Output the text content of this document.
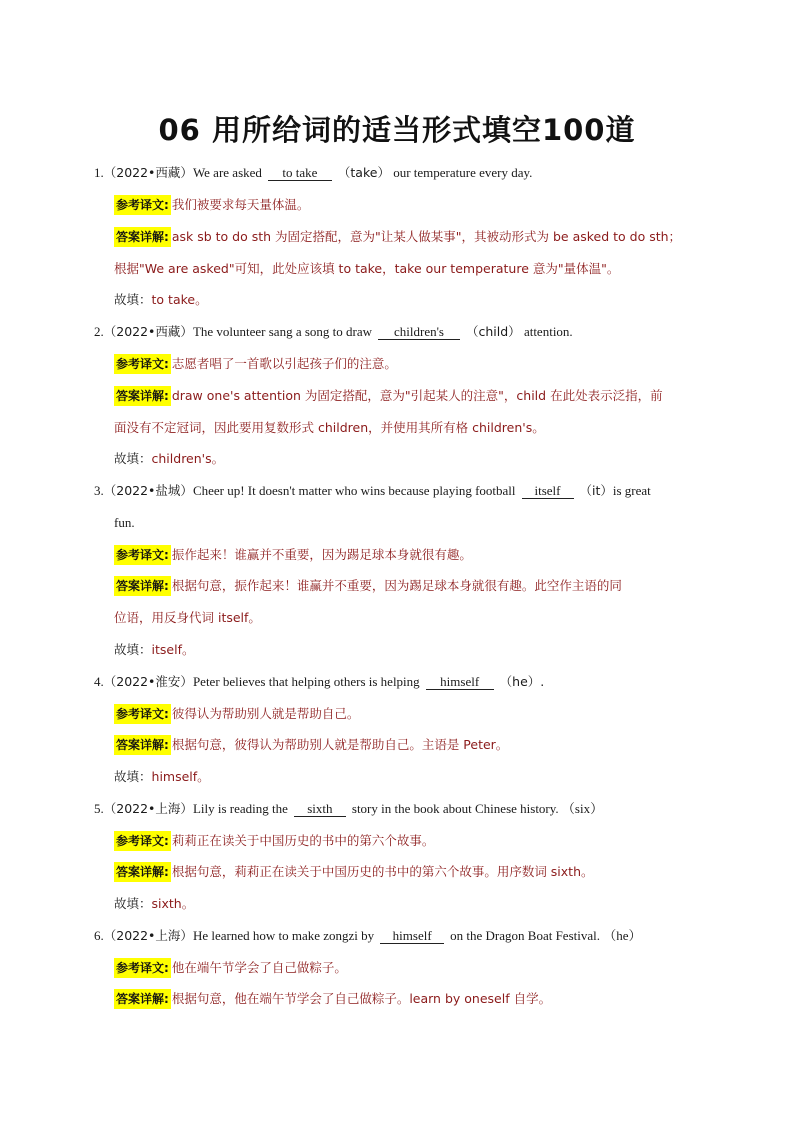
06 用所给词的适当形式填空100道
1.（2022•西藏）We are asked to take （take） our temperature every day.
参考译文: 我们被要求每天量体温。
答案详解: ask sb to do sth 为固定搭配，意为"让某人做某事"，其被动形式为 be asked to do sth；
根据"We are asked"可知，此处应该填 to take，take our temperature 意为"量体温"。
故填：to take。
2.（2022•西藏）The volunteer sang a song to draw children's （child） attention.
参考译文: 志愿者唱了一首歌以引起孩子们的注意。
答案详解: draw one's attention 为固定搭配，意为"引起某人的注意"，child 在此处表示泛指，前
面没有不定冠词，因此要用复数形式 children，并使用其所有格 children's。
故填：children's。
3.（2022•盐城）Cheer up! It doesn't matter who wins because playing football itself （it）is great
fun.
参考译文: 振作起来！谁赢并不重要，因为踢足球本身就很有趣。
答案详解: 根据句意，振作起来！谁赢并不重要，因为踢足球本身就很有趣。此空作主语的同
位语，用反身代词 itself。
故填：itself。
4.（2022•淮安）Peter believes that helping others is helping himself （he）.
参考译文: 彼得认为帮助别人就是帮助自己。
答案详解: 根据句意，彼得认为帮助别人就是帮助自己。主语是 Peter。
故填：himself。
5.（2022•上海）Lily is reading the sixth story in the book about Chinese history. （six）
参考译文: 莉莉正在读关于中国历史的书中的第六个故事。
答案详解: 根据句意，莉莉正在读关于中国历史的书中的第六个故事。用序数词 sixth。
故填：sixth。
6.（2022•上海）He learned how to make zongzi by himself on the Dragon Boat Festival. （he）
参考译文: 他在端午节学会了自己做粽子。
答案详解: 根据句意，他在端午节学会了自己做粽子。learn by oneself 自学。
